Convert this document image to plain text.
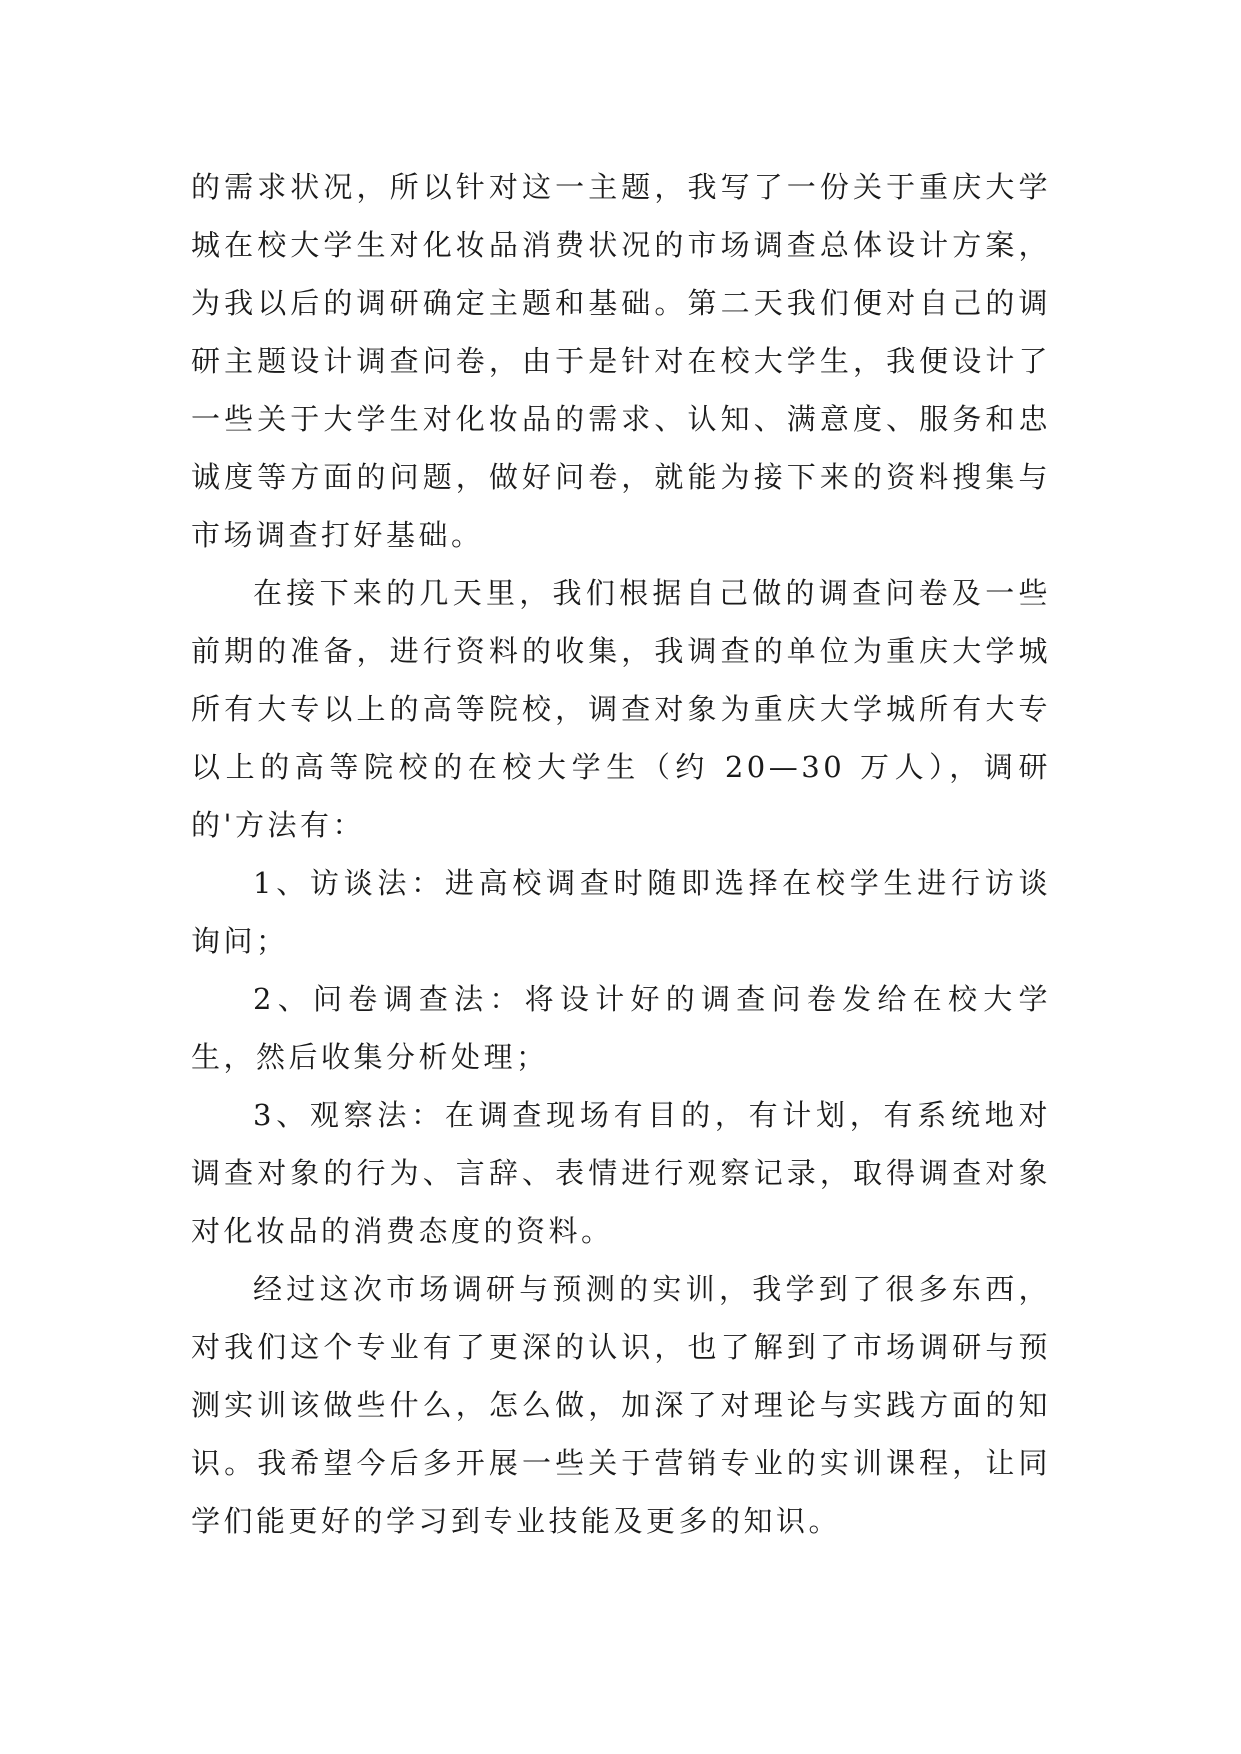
的需求状况，所以针对这一主题，我写了一份关于重庆大学城在校大学生对化妆品消费状况的市场调查总体设计方案，为我以后的调研确定主题和基础。第二天我们便对自己的调研主题设计调查问卷，由于是针对在校大学生，我便设计了一些关于大学生对化妆品的需求、认知、满意度、服务和忠诚度等方面的问题，做好问卷，就能为接下来的资料搜集与市场调查打好基础。

在接下来的几天里，我们根据自己做的调查问卷及一些前期的准备，进行资料的收集，我调查的单位为重庆大学城所有大专以上的高等院校，调查对象为重庆大学城所有大专以上的高等院校的在校大学生（约 20—30 万人），调研的'方法有：

1、访谈法：进高校调查时随即选择在校学生进行访谈询问；

2、问卷调查法：将设计好的调查问卷发给在校大学生，然后收集分析处理；

3、观察法：在调查现场有目的，有计划，有系统地对调查对象的行为、言辞、表情进行观察记录，取得调查对象对化妆品的消费态度的资料。

经过这次市场调研与预测的实训，我学到了很多东西，对我们这个专业有了更深的认识，也了解到了市场调研与预测实训该做些什么，怎么做，加深了对理论与实践方面的知识。我希望今后多开展一些关于营销专业的实训课程，让同学们能更好的学习到专业技能及更多的知识。
